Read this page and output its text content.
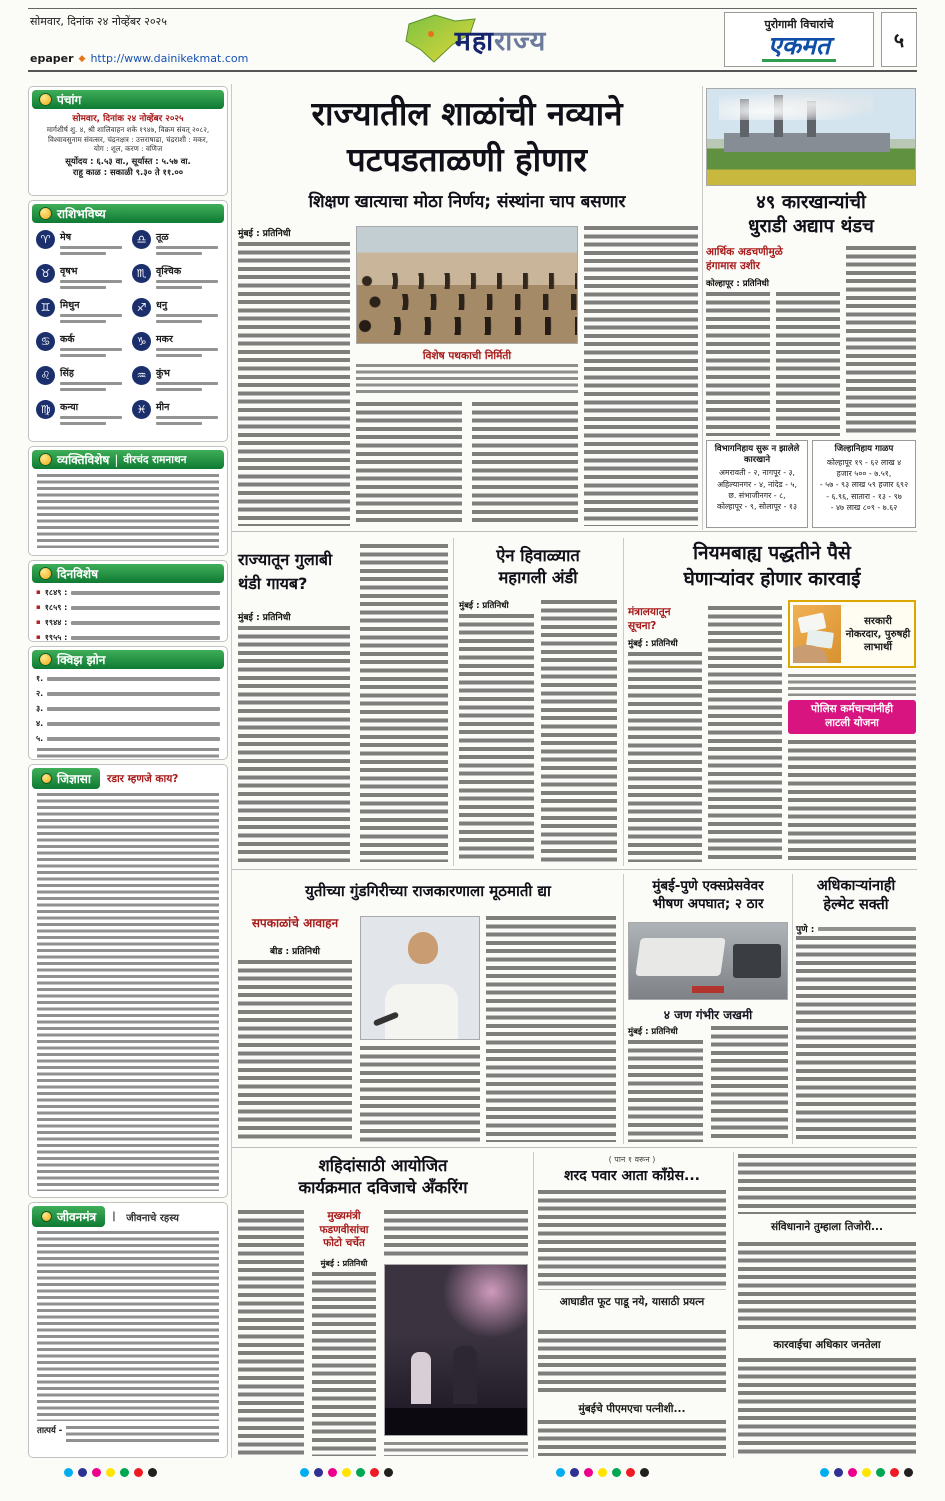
सोमवार, दिनांक २४ नोव्हेंबर २०२५
epaper ◆ http://www.dainikekmat.com
महाराज्य
पुरोगामी विचारांचे
एकमत	५
पंचांग
सोमवार, दिनांक २४ नोव्हेंबर २०२५
मार्गशीर्ष शु. ४, श्री शालिवाहन शके १९४७, विक्रम संवत् २०८२,
विश्वावसुनाम संवत्सर, चंद्रनक्षत्र : उत्तराषाढा, चंद्रराशी : मकर,
योग : शूल, करण : वणिज
सूर्योदय : ६.५३ वा., सूर्यास्त : ५.५७ वा.
राहू काळ : सकाळी ९.३० ते ११.००
राशिभविष्य
♈	मेष
♉	वृषभ
♊	मिथुन
♋	कर्क
♌	सिंह
♍	कन्या
♎	तूळ
♏	वृश्चिक
♐	धनु
♑	मकर
♒	कुंभ
♓	मीन
व्यक्तिविशेष | वीरचंद रामनाथन
दिनविशेष
▪ १८४९ :
▪ १८५९ :
▪ १९४४ :
▪ १९५५ :
क्विझ झोन
१.
२.
३.
४.
५.
जिज्ञासा रडार म्हणजे काय?
जीवनमंत्र | जीवनाचे रहस्य
तात्पर्य -
राज्यातील शाळांची नव्याने
पटपडताळणी होणार
शिक्षण खात्याचा मोठा निर्णय; संस्थांना चाप बसणार
मुंबई : प्रतिनिधी
विशेष पथकाची निर्मिती
४९ कारखान्यांची
धुराडी अद्याप थंडच
आर्थिक अडचणीमुळे हंगामास उशीर
कोल्हापूर : प्रतिनिधी
विभागनिहाय सुरू न झालेले कारखाने
अमरावती - २, नागपूर - ३,
अहिल्यानगर - ४, नांदेड - ५,
छ. संभाजीनगर - ८,
कोल्हापूर - ९, सोलापूर - १३
जिल्हानिहाय गाळप
कोल्हापूर १९ - ६२ लाख ४
हजार ५०० - ७.५१,
- ५७ - ९३ लाख ५९ हजार ६९२
- ६.९६, सातारा - १३ - ९७
- ४७ लाख ८०९ - ७.६२
राज्यातून गुलाबी
थंडी गायब?
मुंबई : प्रतिनिधी
ऐन हिवाळ्यात
महागली अंडी
मुंबई : प्रतिनिधी
नियमबाह्य पद्धतीने पैसे
घेणाऱ्यांवर होणार कारवाई
मंत्रालयातून सूचना?
मुंबई : प्रतिनिधी
सरकारी नोकरदार, पुरुषही लाभार्थी
पोलिस कर्मचाऱ्यांनीही
लाटली योजना
युतीच्या गुंडगिरीच्या राजकारणाला मूठमाती द्या
सपकाळांचे आवाहन
बीड : प्रतिनिधी
मुंबई-पुणे एक्सप्रेसवेवर
भीषण अपघात; २ ठार
४ जण गंभीर जखमी
मुंबई : प्रतिनिधी
अधिकाऱ्यांनाही
हेल्मेट सक्ती
पुणे :
शहिदांसाठी आयोजित
कार्यक्रमात दविजाचे अँकरिंग
मुख्यमंत्री फडणवीसांचा फोटो चर्चेत
मुंबई : प्रतिनिधी
( पान १ वरून )
शरद पवार आता काँग्रेस...
आघाडीत फूट पाडू नये, यासाठी प्रयत्न
मुंबईचे पीएमएचा पत्नीशी...
संविधानाने तुम्हाला तिजोरी...
कारवाईचा अधिकार जनतेला
